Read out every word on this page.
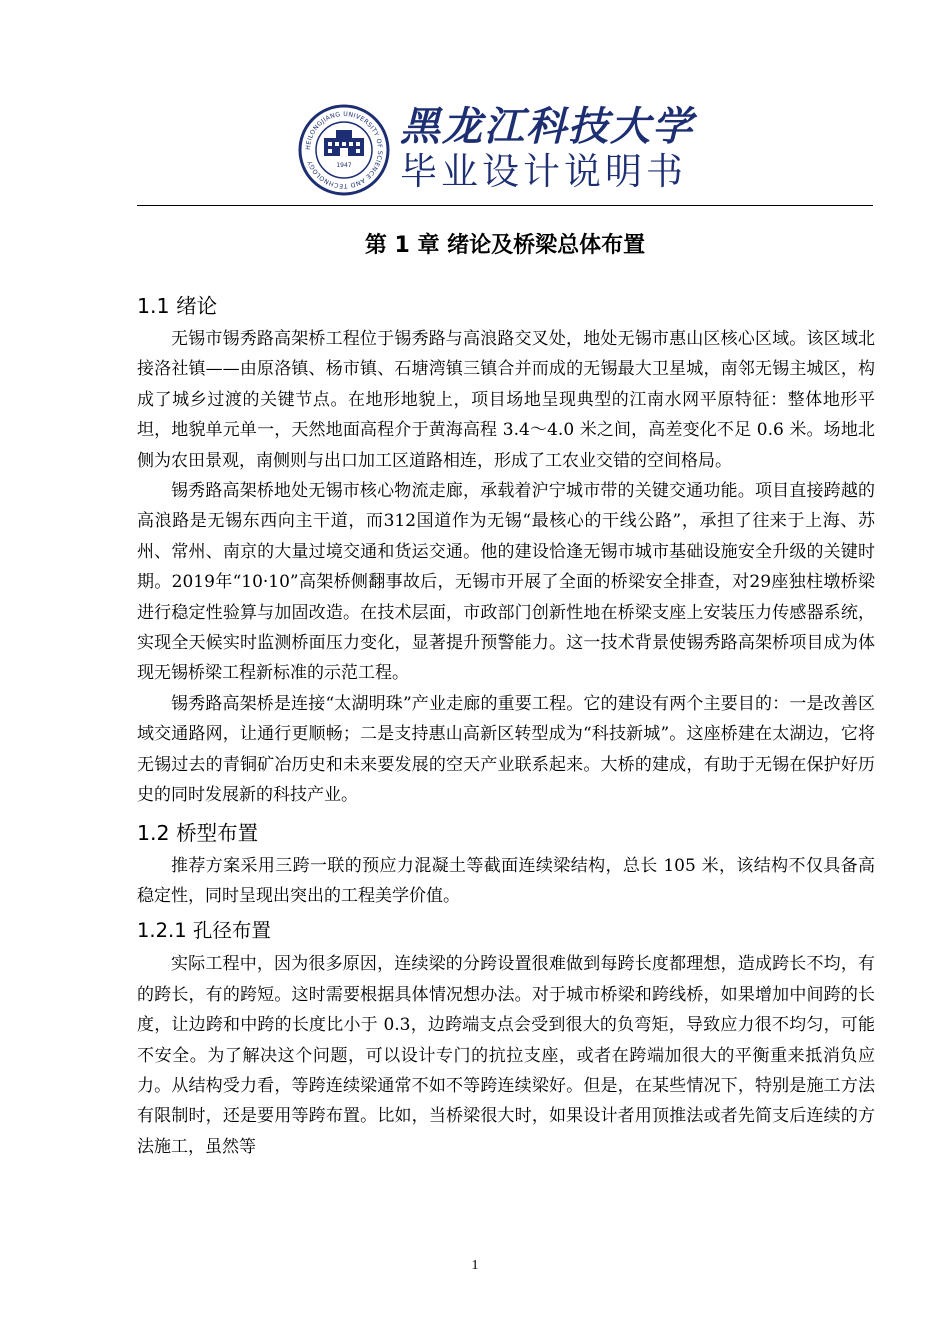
HEILONGJIANG UNIVERSITY OF SCIENCE AND TECHNOLOGY	1947
黑龙江科技大学
毕业设计说明书
第 1 章 绪论及桥梁总体布置
1.1 绪论

无锡市锡秀路高架桥工程位于锡秀路与高浪路交叉处，地处无锡市惠山区核心区域。该区域北接洛社镇——由原洛镇、杨市镇、石塘湾镇三镇合并而成的无锡最大卫星城，南邻无锡主城区，构成了城乡过渡的关键节点。在地形地貌上，项目场地呈现典型的江南水网平原特征：整体地形平坦，地貌单元单一，天然地面高程介于黄海高程 3.4～4.0 米之间，高差变化不足 0.6 米。场地北侧为农田景观，南侧则与出口加工区道路相连，形成了工农业交错的空间格局。

锡秀路高架桥地处无锡市核心物流走廊，承载着沪宁城市带的关键交通功能。项目直接跨越的高浪路是无锡东西向主干道，而312国道作为无锡“最核心的干线公路”，承担了往来于上海、苏州、常州、南京的大量过境交通和货运交通。他的建设恰逢无锡市城市基础设施安全升级的关键时期。2019年“10·10”高架桥侧翻事故后，无锡市开展了全面的桥梁安全排查，对29座独柱墩桥梁进行稳定性验算与加固改造。在技术层面，市政部门创新性地在桥梁支座上安装压力传感器系统，实现全天候实时监测桥面压力变化，显著提升预警能力。这一技术背景使锡秀路高架桥项目成为体现无锡桥梁工程新标准的示范工程。

锡秀路高架桥是连接“太湖明珠”产业走廊的重要工程。它的建设有两个主要目的：一是改善区域交通路网，让通行更顺畅；二是支持惠山高新区转型成为“科技新城”。这座桥建在太湖边，它将无锡过去的青铜矿冶历史和未来要发展的空天产业联系起来。大桥的建成，有助于无锡在保护好历史的同时发展新的科技产业。

1.2 桥型布置

推荐方案采用三跨一联的预应力混凝土等截面连续梁结构，总长 105 米，该结构不仅具备高稳定性，同时呈现出突出的工程美学价值。

1.2.1 孔径布置

实际工程中，因为很多原因，连续梁的分跨设置很难做到每跨长度都理想，造成跨长不均，有的跨长，有的跨短。这时需要根据具体情况想办法。对于城市桥梁和跨线桥，如果增加中间跨的长度，让边跨和中跨的长度比小于 0.3，边跨端支点会受到很大的负弯矩，导致应力很不均匀，可能不安全。为了解决这个问题，可以设计专门的抗拉支座，或者在跨端加很大的平衡重来抵消负应力。从结构受力看，等跨连续梁通常不如不等跨连续梁好。但是，在某些情况下，特别是施工方法有限制时，还是要用等跨布置。比如，当桥梁很大时，如果设计者用顶推法或者先简支后连续的方法施工，虽然等

1
